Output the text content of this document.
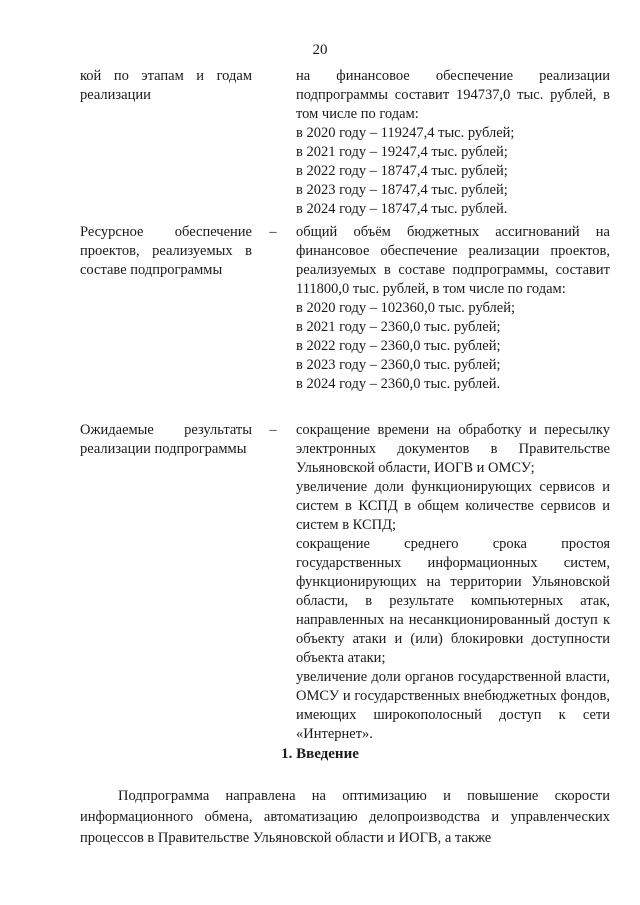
20
кой по этапам и годам реализации
на финансовое обеспечение реализации подпрограммы составит 194737,0 тыс. рублей, в том числе по годам:
в 2020 году – 119247,4 тыс. рублей;
в 2021 году – 19247,4 тыс. рублей;
в 2022 году – 18747,4 тыс. рублей;
в 2023 году – 18747,4 тыс. рублей;
в 2024 году – 18747,4 тыс. рублей.
Ресурсное обеспечение проектов, реализуемых в составе подпрограммы
– общий объём бюджетных ассигнований на финансовое обеспечение реализации проектов, реализуемых в составе подпрограммы, составит 111800,0 тыс. рублей, в том числе по годам:
в 2020 году – 102360,0 тыс. рублей;
в 2021 году – 2360,0 тыс. рублей;
в 2022 году – 2360,0 тыс. рублей;
в 2023 году – 2360,0 тыс. рублей;
в 2024 году – 2360,0 тыс. рублей.
Ожидаемые результаты реализации подпрограммы
– сокращение времени на обработку и пересылку электронных документов в Правительстве Ульяновской области, ИОГВ и ОМСУ;
увеличение доли функционирующих сервисов и систем в КСПД в общем количестве сервисов и систем в КСПД;
сокращение среднего срока простоя государственных информационных систем, функционирующих на территории Ульяновской области, в результате компьютерных атак, направленных на несанкционированный доступ к объекту атаки и (или) блокировки доступности объекта атаки;
увеличение доли органов государственной власти, ОМСУ и государственных внебюджетных фондов, имеющих широкополосный доступ к сети «Интернет».
1. Введение
Подпрограмма направлена на оптимизацию и повышение скорости информационного обмена, автоматизацию делопроизводства и управленческих процессов в Правительстве Ульяновской области и ИОГВ, а также
